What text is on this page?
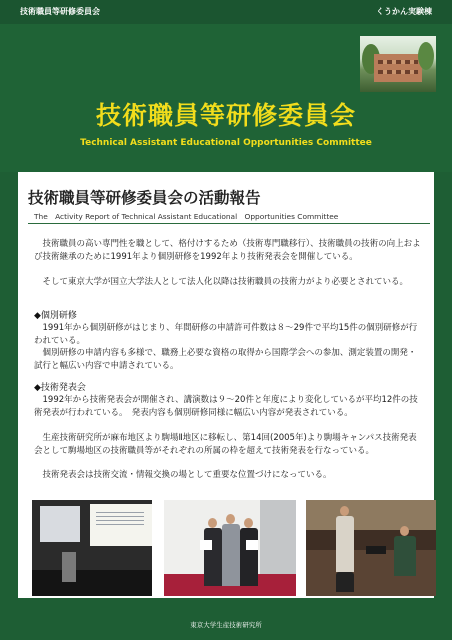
技術職員等研修委員会	くうかん実験棟
技術職員等研修委員会
Technical Assistant Educational Opportunities Committee
技術職員等研修委員会の活動報告
The　Activity Report of Technical Assistant Educational　Opportunities Committee

　技術職員の高い専門性を職として、格付けするため（技術専門職移行）、技術職員の技術の向上および技術継承のために1991年より個別研修を1992年より技術発表会を開催している。

　そして東京大学が国立大学法人として法人化以降は技術職員の技術力がより必要とされている。

◆個別研修

　1991年から個別研修がはじまり、年間研修の申請許可件数は８～29件で平均15件の個別研修が行われている。

　個別研修の申請内容も多様で、職務上必要な資格の取得から国際学会への参加、測定装置の開発・試行と幅広い内容で申請されている。

◆技術発表会

　1992年から技術発表会が開催され、講演数は９～20件と年度により変化しているが平均12件の技術発表が行われている。　発表内容も個別研修同様に幅広い内容が発表されている。

　生産技術研究所が麻布地区より駒場Ⅱ地区に移転し、第14回(2005年)より駒場キャンパス技術発表会として駒場地区の技術職員等がそれぞれの所属の枠を超えて技術発表を行なっている。

　技術発表会は技術交流・情報交換の場として重要な位置づけになっている。

東京大学生産技術研究所
